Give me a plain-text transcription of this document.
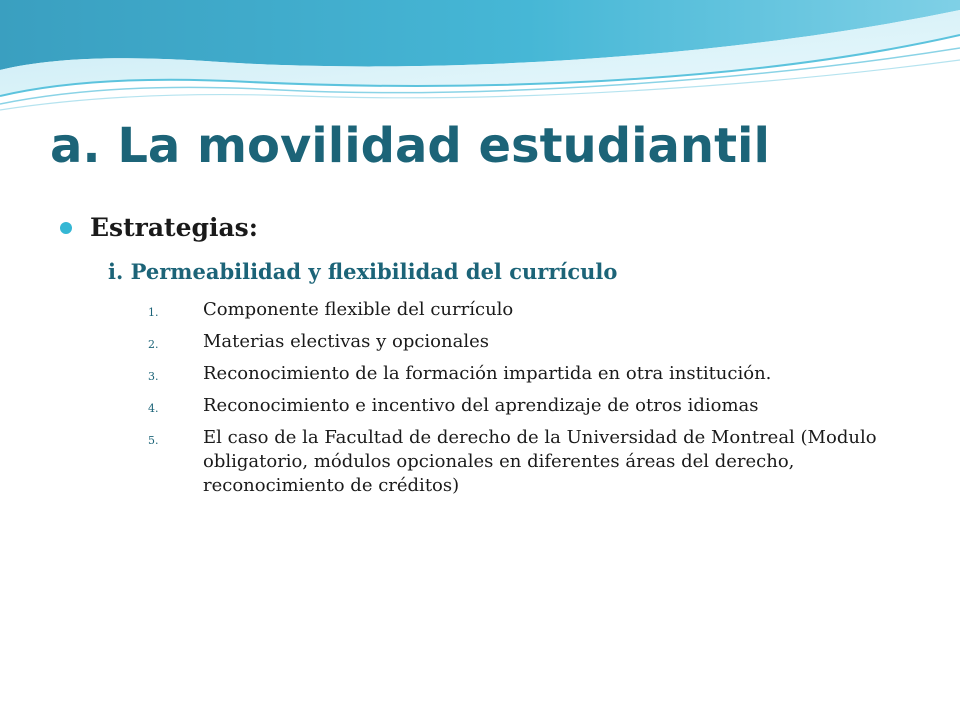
a. La movilidad estudiantil
Estrategias:
i. Permeabilidad y flexibilidad del currículo
1. Componente flexible del currículo
2. Materias electivas y opcionales
3. Reconocimiento de la formación impartida en otra institución.
4. Reconocimiento e incentivo del aprendizaje de otros idiomas
5. El caso de la Facultad de derecho de la Universidad de Montreal (Modulo obligatorio, módulos opcionales en diferentes áreas del derecho, reconocimiento de créditos)
